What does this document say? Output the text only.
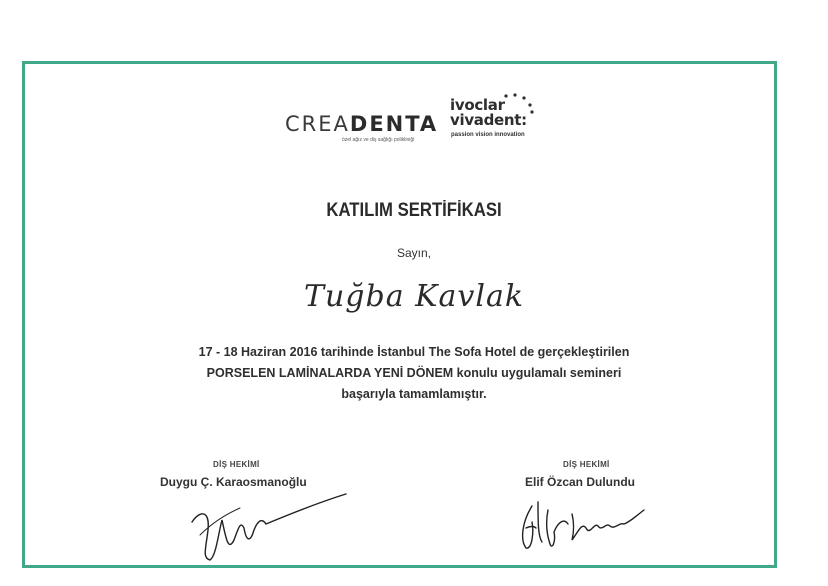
CREADENTA
özel ağız ve diş sağlığı polikliniği
ivoclar
vivadent:
passion vision innovation
KATILIM SERTİFİKASI
Sayın,
Tuğba Kavlak
17 - 18 Haziran 2016 tarihinde İstanbul The Sofa Hotel de gerçekleştirilen
PORSELEN LAMİNALARDA YENİ DÖNEM konulu uygulamalı semineri
başarıyla tamamlamıştır.
DİŞ HEKİMİ
Duygu Ç. Karaosmanoğlu
DİŞ HEKİMİ
Elif Özcan Dulundu
